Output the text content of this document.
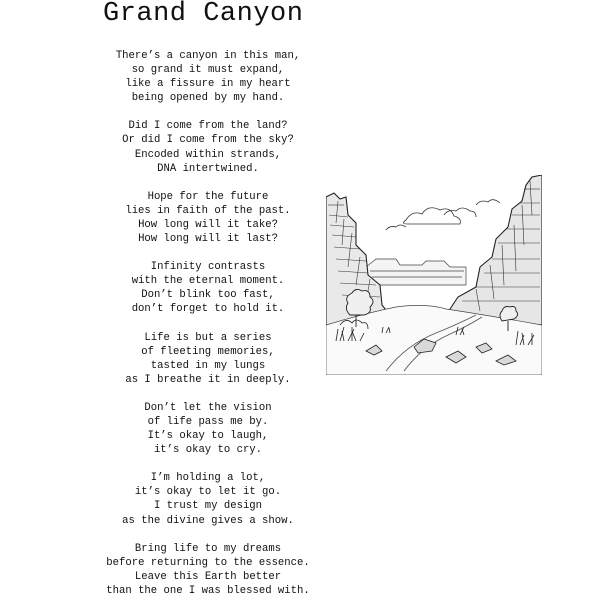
Grand Canyon
There’s a canyon in this man,
so grand it must expand,
like a fissure in my heart
being opened by my hand.
Did I come from the land?
Or did I come from the sky?
Encoded within strands,
DNA intertwined.
Hope for the future
lies in faith of the past.
How long will it take?
How long will it last?
Infinity contrasts
with the eternal moment.
Don’t blink too fast,
don’t forget to hold it.
Life is but a series
of fleeting memories,
tasted in my lungs
as I breathe it in deeply.
Don’t let the vision
of life pass me by.
It’s okay to laugh,
it’s okay to cry.
I’m holding a lot,
it’s okay to let it go.
I trust my design
as the divine gives a show.
Bring life to my dreams
before returning to the essence.
Leave this Earth better
than the one I was blessed with.
